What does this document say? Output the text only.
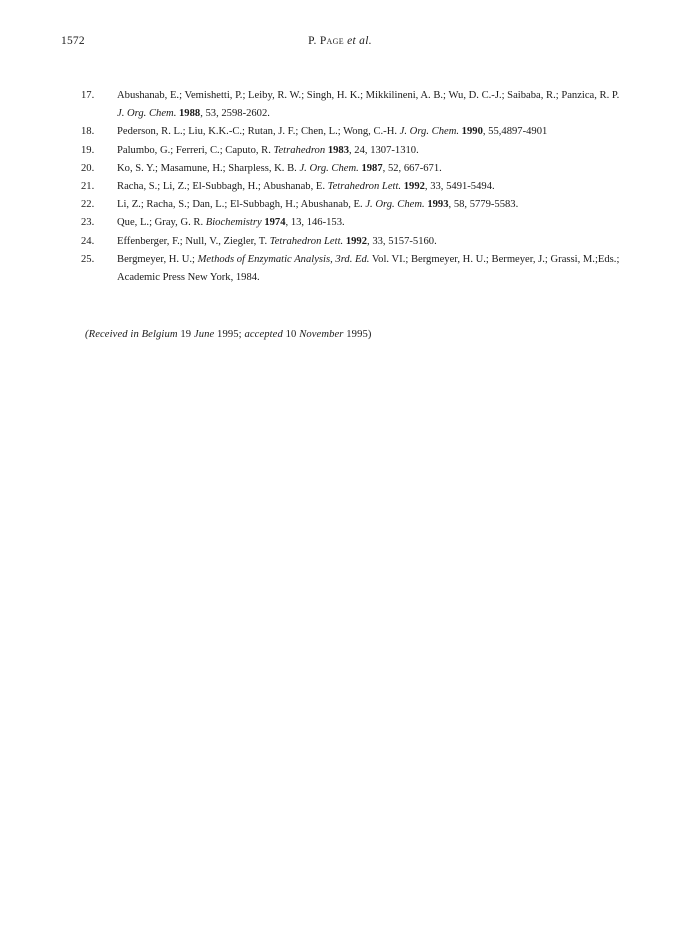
1572	P. Page et al.
17.	Abushanab, E.; Vemishetti, P.; Leiby, R. W.; Singh, H. K.; Mikkilineni, A. B.; Wu, D. C.-J.; Saibaba, R.; Panzica, R. P. J. Org. Chem. 1988, 53, 2598-2602.
18.	Pederson, R. L.; Liu, K.K.-C.; Rutan, J. F.; Chen, L.; Wong, C.-H. J. Org. Chem. 1990, 55,4897-4901
19.	Palumbo, G.; Ferreri, C.; Caputo, R. Tetrahedron 1983, 24, 1307-1310.
20.	Ko, S. Y.; Masamune, H.; Sharpless, K. B. J. Org. Chem. 1987, 52, 667-671.
21.	Racha, S.; Li, Z.; El-Subbagh, H.; Abushanab, E. Tetrahedron Lett. 1992, 33, 5491-5494.
22.	Li, Z.; Racha, S.; Dan, L.; El-Subbagh, H.; Abushanab, E. J. Org. Chem. 1993, 58, 5779-5583.
23.	Que, L.; Gray, G. R. Biochemistry 1974, 13, 146-153.
24.	Effenberger, F.; Null, V., Ziegler, T. Tetrahedron Lett. 1992, 33, 5157-5160.
25.	Bergmeyer, H. U.; Methods of Enzymatic Analysis, 3rd. Ed. Vol. VI.; Bergmeyer, H. U.; Bermeyer, J.; Grassi, M.;Eds.; Academic Press New York, 1984.
(Received in Belgium 19 June 1995; accepted 10 November 1995)
